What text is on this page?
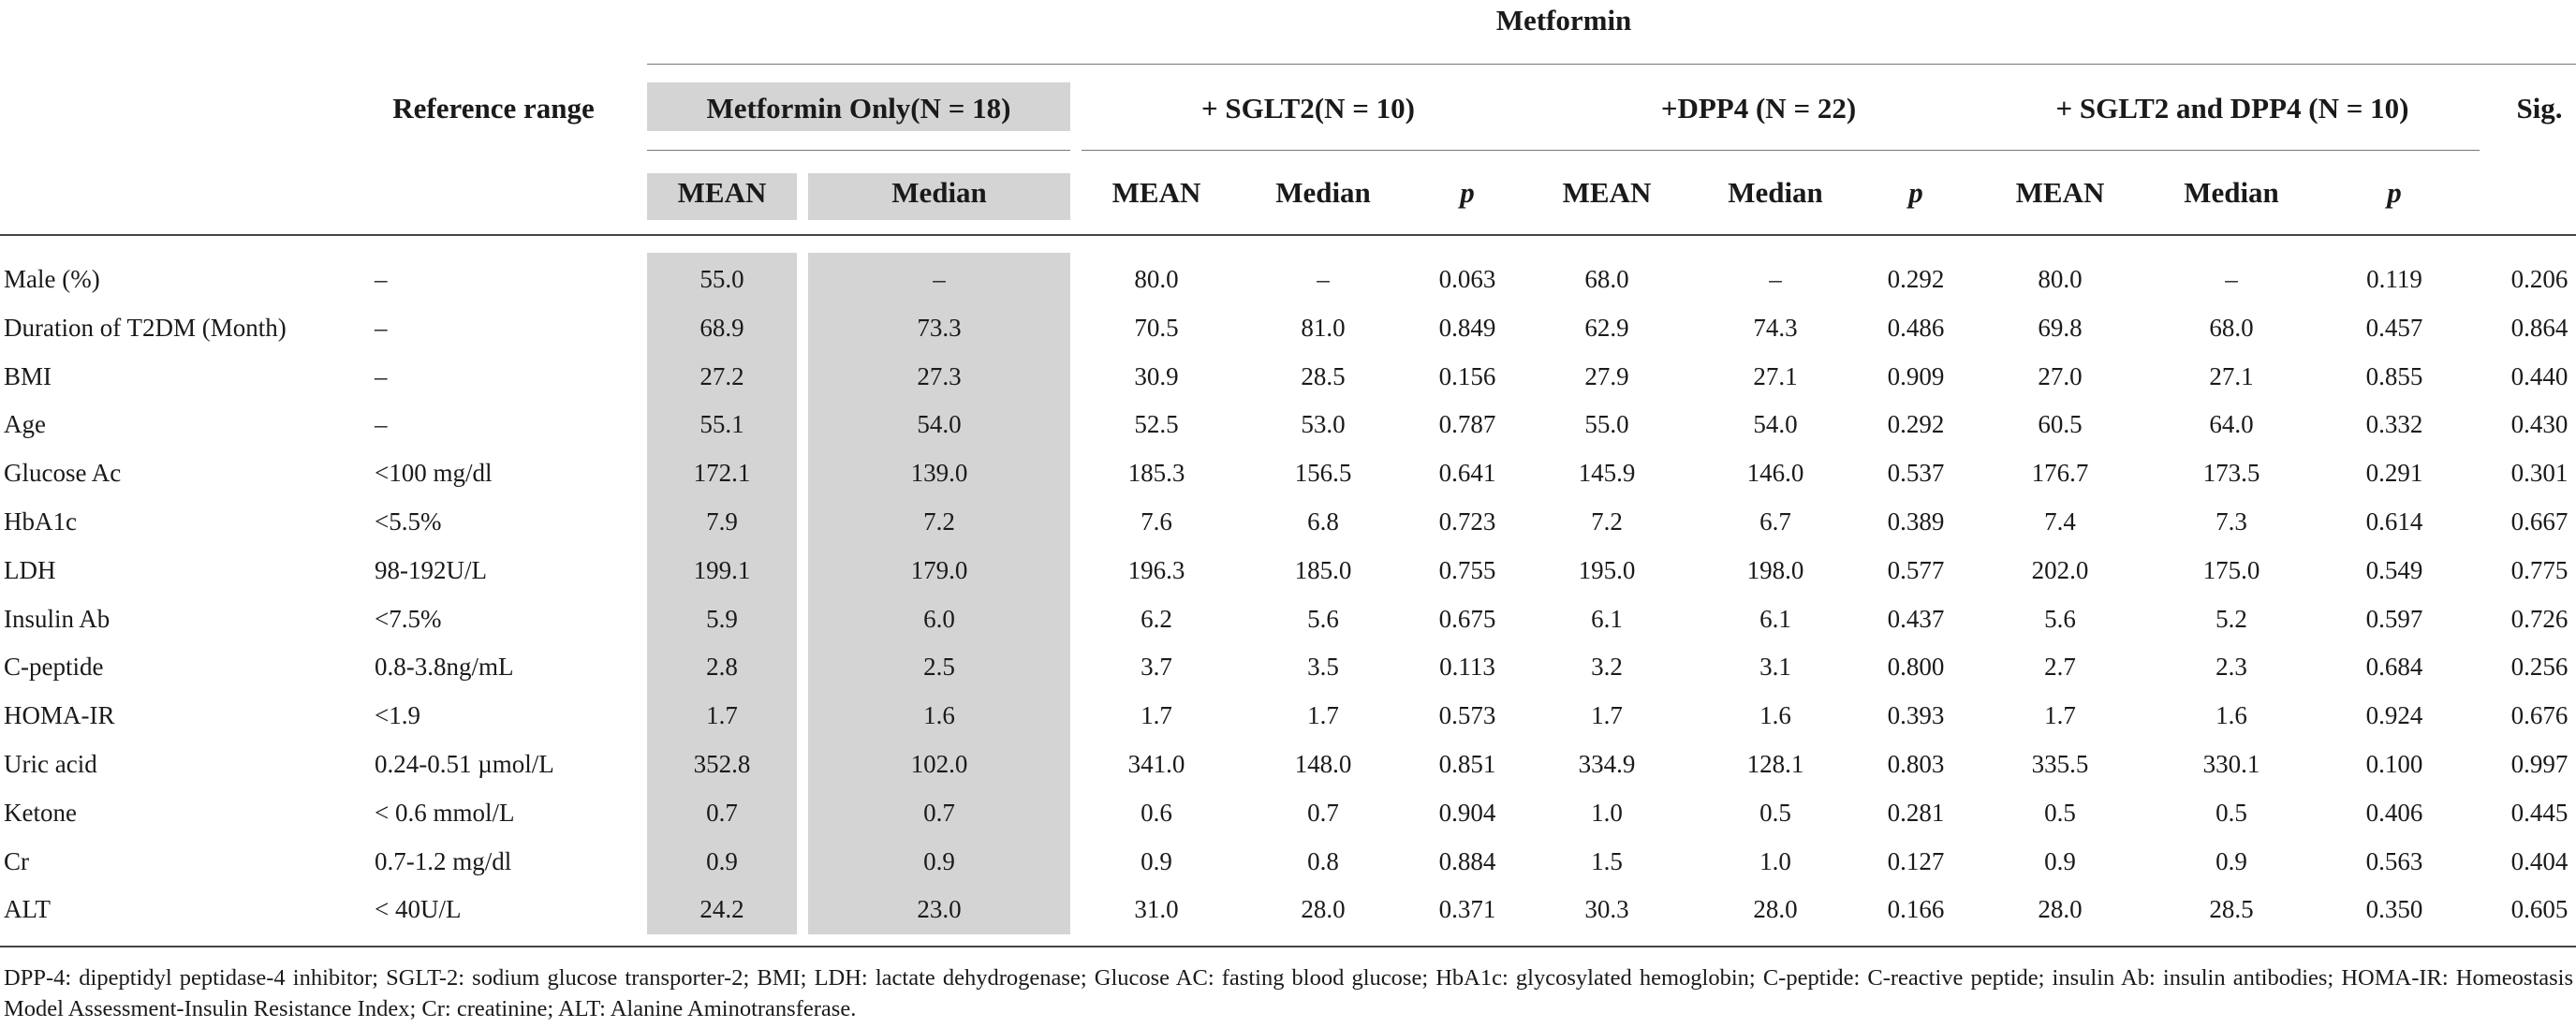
Metformin
Reference range	Sig.
Metformin Only(N = 18)
MEAN	Median
+ SGLT2(N = 10)
MEAN	Median	p
+DPP4 (N = 22)
MEAN	Median	p
+ SGLT2 and DPP4 (N = 10)
MEAN	Median	p
Male (%)	–	55.0	–	80.0	–	0.063	68.0	–	0.292	80.0	–	0.119	0.206
Duration of T2DM (Month)	–	68.9	73.3	70.5	81.0	0.849	62.9	74.3	0.486	69.8	68.0	0.457	0.864
BMI	–	27.2	27.3	30.9	28.5	0.156	27.9	27.1	0.909	27.0	27.1	0.855	0.440
Age	–	55.1	54.0	52.5	53.0	0.787	55.0	54.0	0.292	60.5	64.0	0.332	0.430
Glucose Ac	<100 mg/dl	172.1	139.0	185.3	156.5	0.641	145.9	146.0	0.537	176.7	173.5	0.291	0.301
HbA1c	<5.5%	7.9	7.2	7.6	6.8	0.723	7.2	6.7	0.389	7.4	7.3	0.614	0.667
LDH	98-192U/L	199.1	179.0	196.3	185.0	0.755	195.0	198.0	0.577	202.0	175.0	0.549	0.775
Insulin Ab	<7.5%	5.9	6.0	6.2	5.6	0.675	6.1	6.1	0.437	5.6	5.2	0.597	0.726
C-peptide	0.8-3.8ng/mL	2.8	2.5	3.7	3.5	0.113	3.2	3.1	0.800	2.7	2.3	0.684	0.256
HOMA-IR	<1.9	1.7	1.6	1.7	1.7	0.573	1.7	1.6	0.393	1.7	1.6	0.924	0.676
Uric acid	0.24-0.51 µmol/L	352.8	102.0	341.0	148.0	0.851	334.9	128.1	0.803	335.5	330.1	0.100	0.997
Ketone	< 0.6 mmol/L	0.7	0.7	0.6	0.7	0.904	1.0	0.5	0.281	0.5	0.5	0.406	0.445
Cr	0.7-1.2 mg/dl	0.9	0.9	0.9	0.8	0.884	1.5	1.0	0.127	0.9	0.9	0.563	0.404
ALT	< 40U/L	24.2	23.0	31.0	28.0	0.371	30.3	28.0	0.166	28.0	28.5	0.350	0.605
DPP-4: dipeptidyl peptidase-4 inhibitor; SGLT-2: sodium glucose transporter-2; BMI; LDH: lactate dehydrogenase; Glucose AC: fasting blood glucose; HbA1c: glycosylated hemoglobin; C-peptide: C-reactive peptide; insulin Ab: insulin antibodies; HOMA-IR: Homeostasis Model Assessment-Insulin Resistance Index; Cr: creatinine; ALT: Alanine Aminotransferase.
